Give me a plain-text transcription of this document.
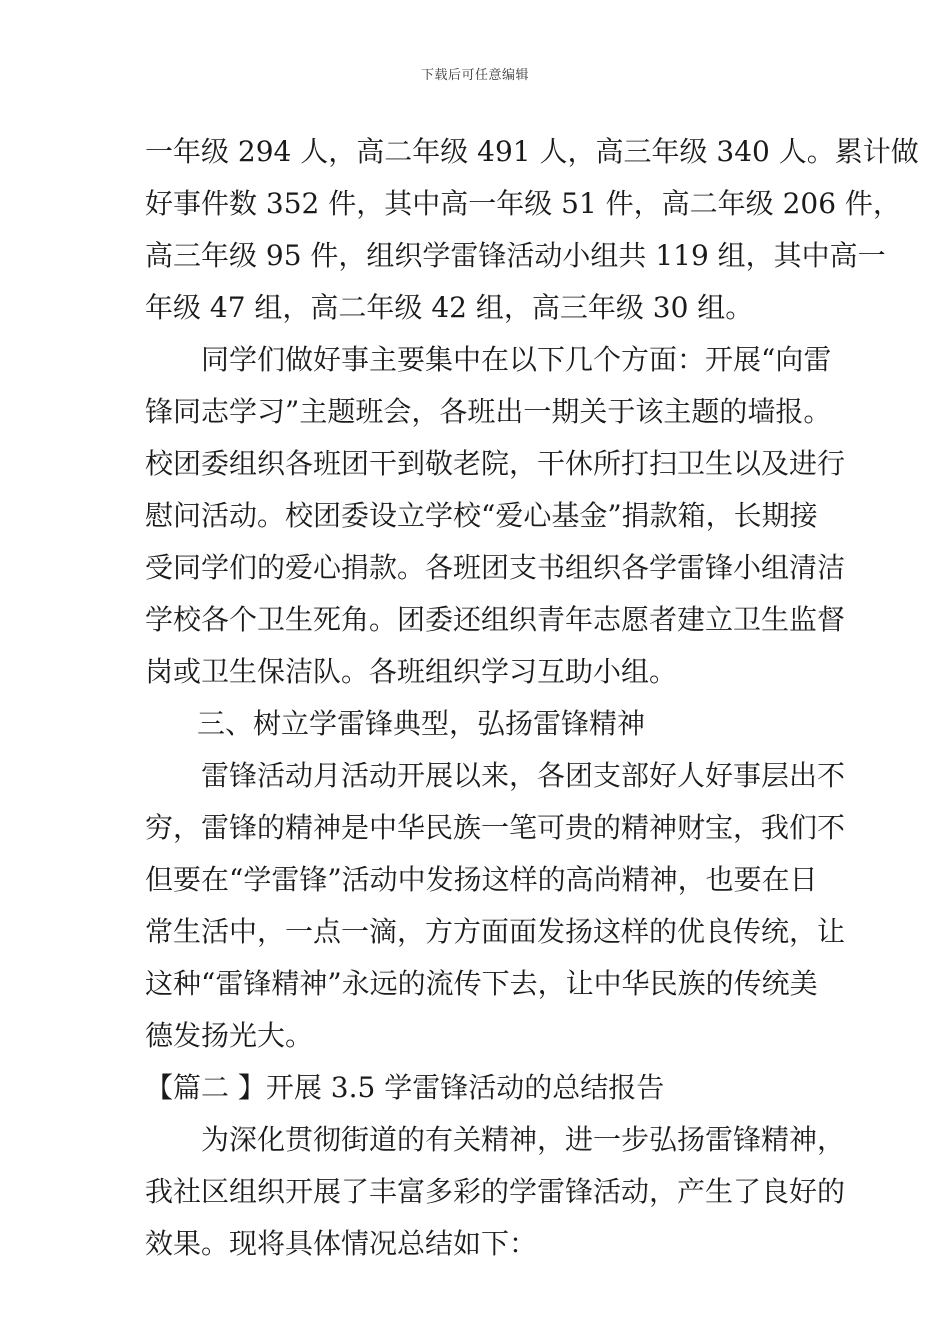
下载后可任意编辑
一年级 294 人，高二年级 491 人，高三年级 340 人。累计做
好事件数 352 件，其中高一年级 51 件，高二年级 206 件，
高三年级 95 件，组织学雷锋活动小组共 119 组，其中高一
年级 47 组，高二年级 42 组，高三年级 30 组。
同学们做好事主要集中在以下几个方面：开展“向雷
锋同志学习”主题班会，各班出一期关于该主题的墙报。
校团委组织各班团干到敬老院，干休所打扫卫生以及进行
慰问活动。校团委设立学校“爱心基金”捐款箱，长期接
受同学们的爱心捐款。各班团支书组织各学雷锋小组清洁
学校各个卫生死角。团委还组织青年志愿者建立卫生监督
岗或卫生保洁队。各班组织学习互助小组。
三、树立学雷锋典型，弘扬雷锋精神
雷锋活动月活动开展以来，各团支部好人好事层出不
穷，雷锋的精神是中华民族一笔可贵的精神财宝，我们不
但要在“学雷锋”活动中发扬这样的高尚精神，也要在日
常生活中，一点一滴，方方面面发扬这样的优良传统，让
这种“雷锋精神”永远的流传下去，让中华民族的传统美
德发扬光大。
【篇二 】开展 3.5 学雷锋活动的总结报告
为深化贯彻街道的有关精神，进一步弘扬雷锋精神，
我社区组织开展了丰富多彩的学雷锋活动，产生了良好的
效果。现将具体情况总结如下：
